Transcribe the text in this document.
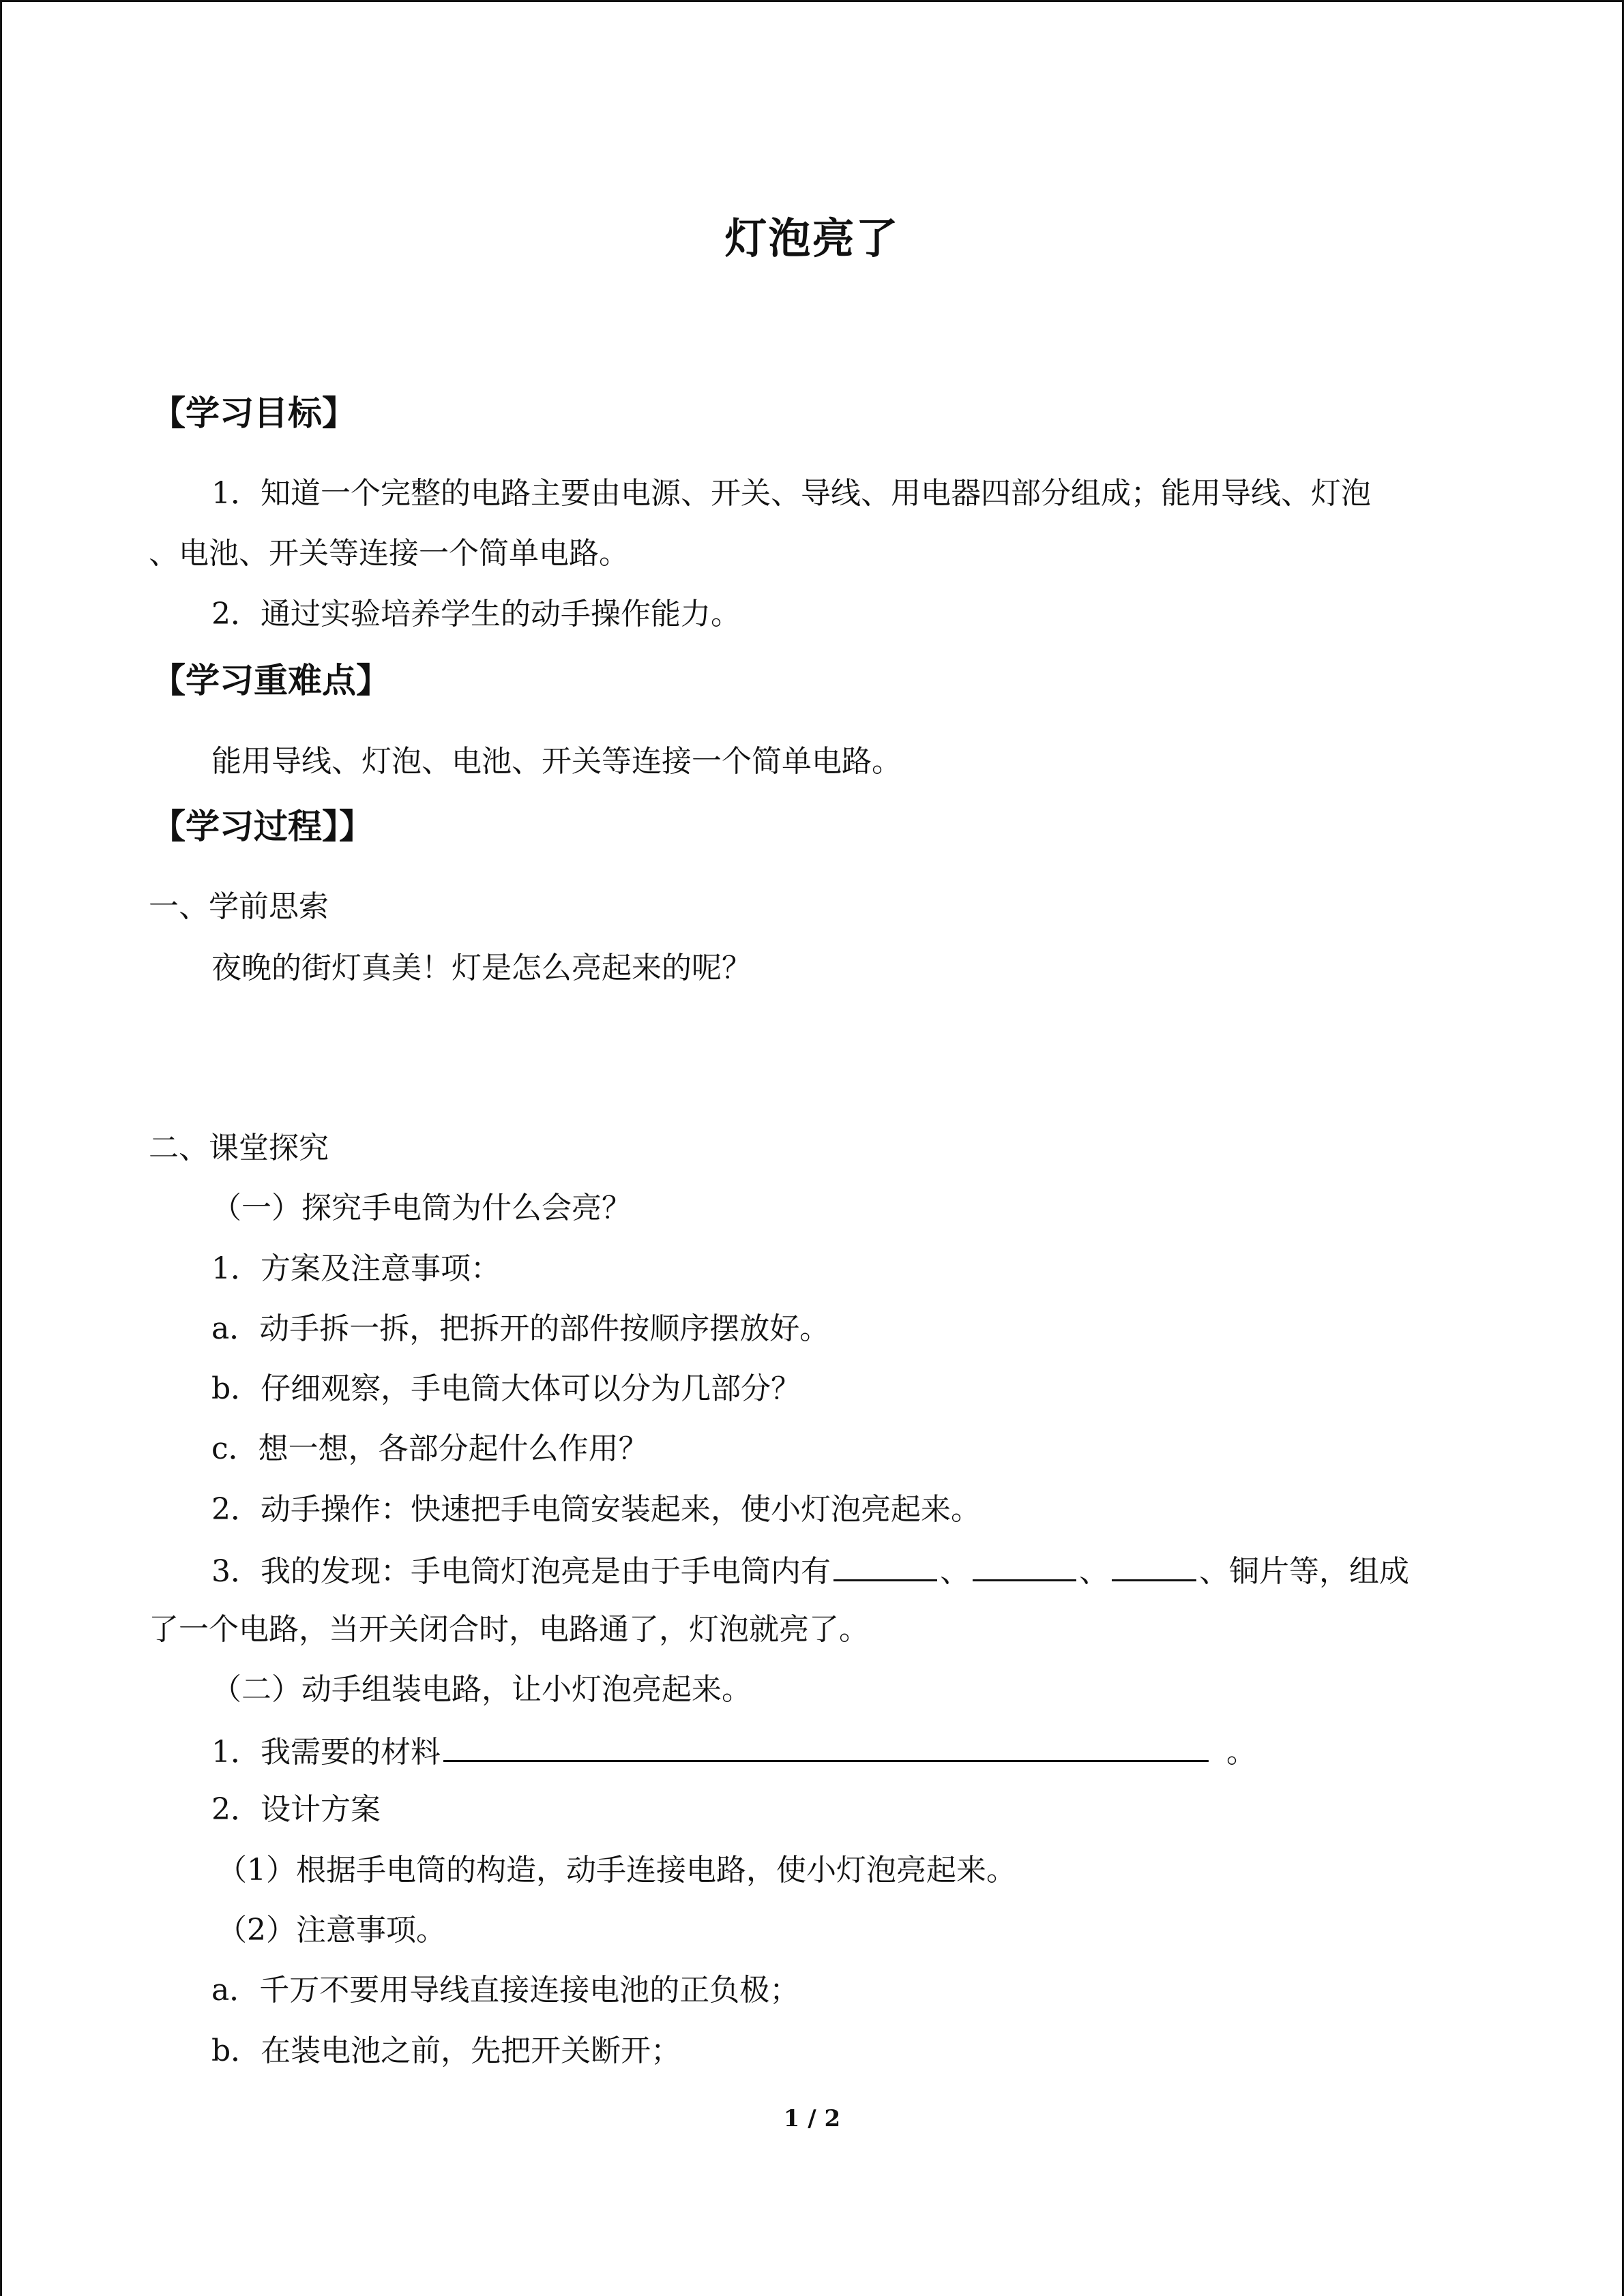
灯泡亮了
【学习目标】
1．知道一个完整的电路主要由电源、开关、导线、用电器四部分组成；能用导线、灯泡
、电池、开关等连接一个简单电路。
2．通过实验培养学生的动手操作能力。
【学习重难点】
能用导线、灯泡、电池、开关等连接一个简单电路。
【学习过程】】
一、学前思索
夜晚的街灯真美！灯是怎么亮起来的呢？
二、课堂探究
（一）探究手电筒为什么会亮？
1．方案及注意事项：
a．动手拆一拆，把拆开的部件按顺序摆放好。
b．仔细观察，手电筒大体可以分为几部分？
c．想一想，各部分起什么作用？
2．动手操作：快速把手电筒安装起来，使小灯泡亮起来。
3．我的发现：手电筒灯泡亮是由于手电筒内有	、	、	、铜片等，组成
了一个电路，当开关闭合时，电路通了，灯泡就亮了。
（二）动手组装电路，让小灯泡亮起来。
1．我需要的材料	。
2．设计方案
（1）根据手电筒的构造，动手连接电路，使小灯泡亮起来。
（2）注意事项。
a．千万不要用导线直接连接电池的正负极；
b．在装电池之前，先把开关断开；
1 / 2
